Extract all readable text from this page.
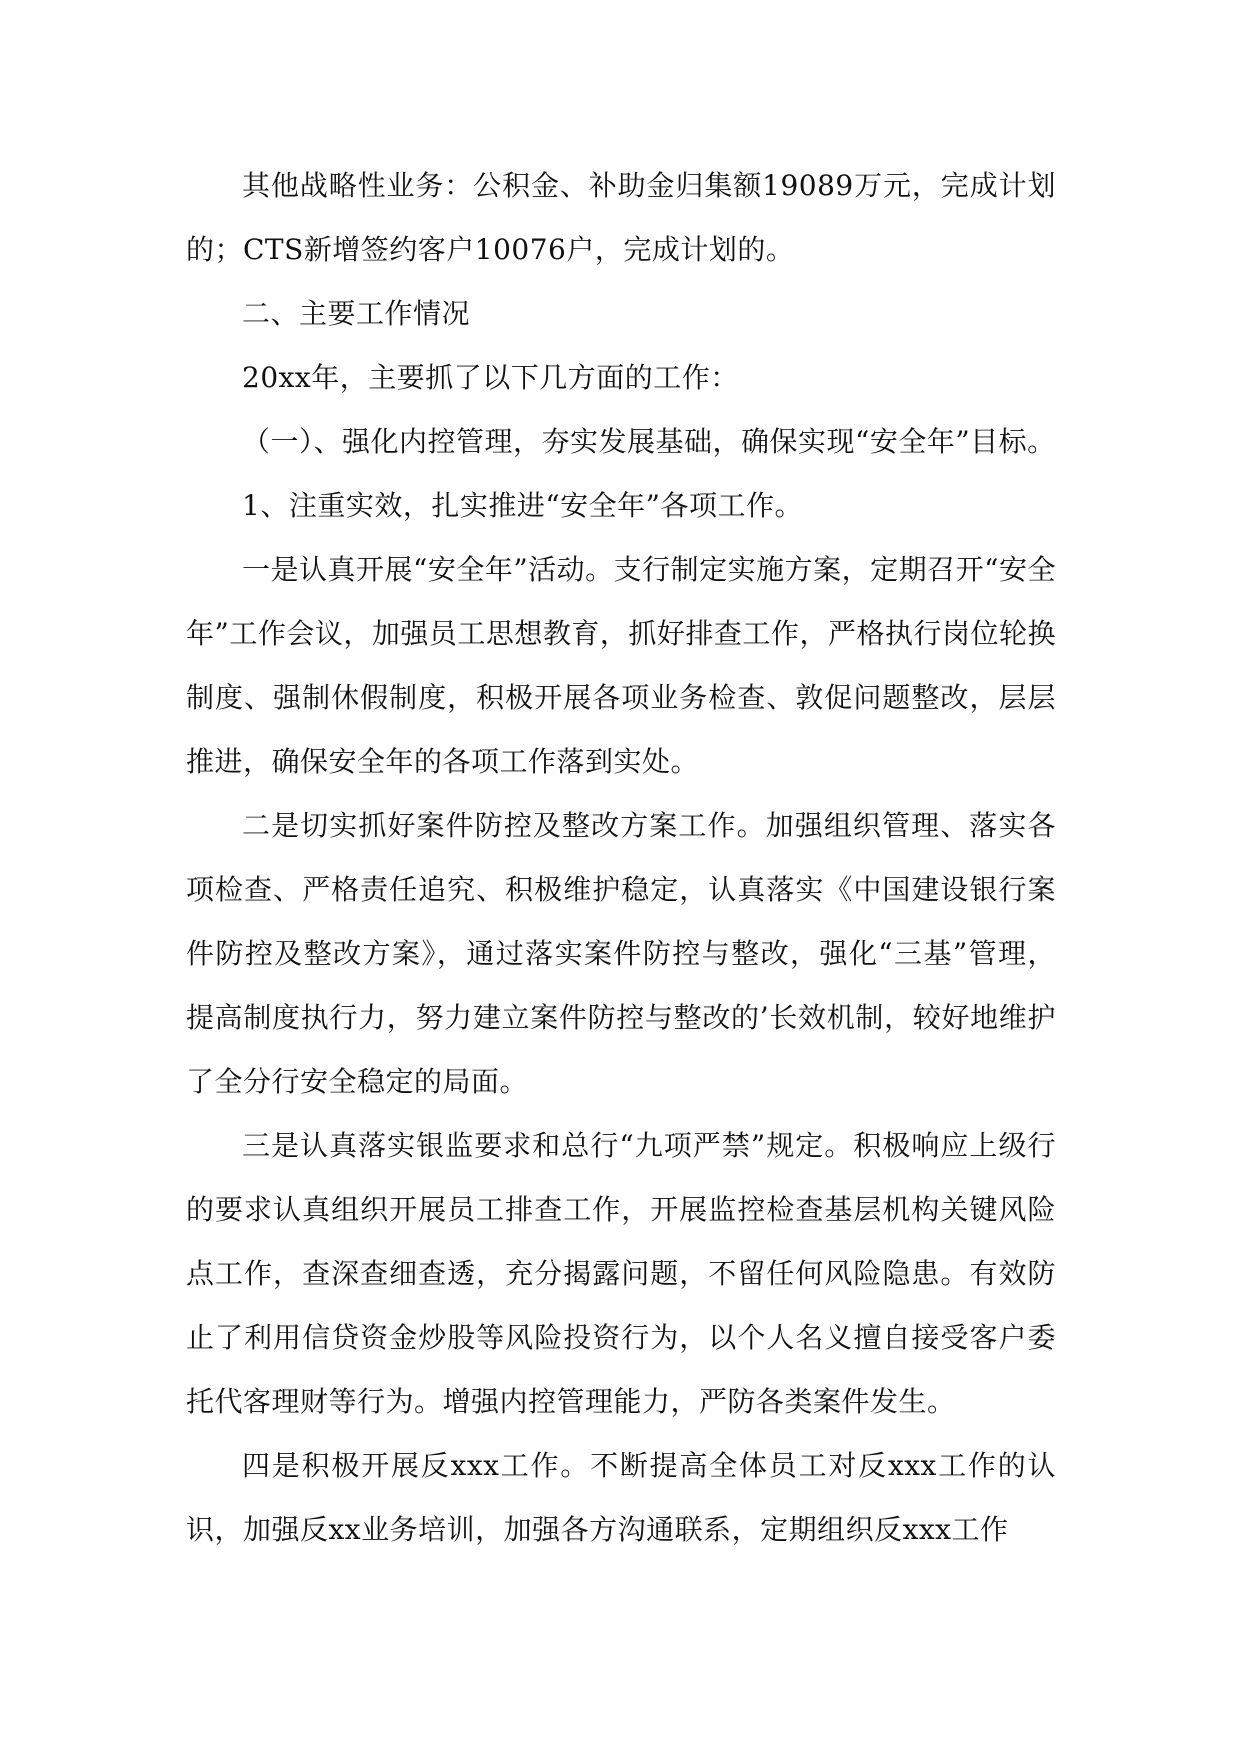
其他战略性业务：公积金、补助金归集额19089万元，完成计划的；CTS新增签约客户10076户，完成计划的。

二、主要工作情况

20xx年，主要抓了以下几方面的工作：

（一）、强化内控管理，夯实发展基础，确保实现“安全年”目标。

1、注重实效，扎实推进“安全年”各项工作。

一是认真开展“安全年”活动。支行制定实施方案，定期召开“安全年”工作会议，加强员工思想教育，抓好排查工作，严格执行岗位轮换制度、强制休假制度，积极开展各项业务检查、敦促问题整改，层层推进，确保安全年的各项工作落到实处。

二是切实抓好案件防控及整改方案工作。加强组织管理、落实各项检查、严格责任追究、积极维护稳定，认真落实《中国建设银行案件防控及整改方案》，通过落实案件防控与整改，强化“三基”管理，提高制度执行力，努力建立案件防控与整改的’长效机制，较好地维护了全分行安全稳定的局面。

三是认真落实银监要求和总行“九项严禁”规定。积极响应上级行的要求认真组织开展员工排查工作，开展监控检查基层机构关键风险点工作，查深查细查透，充分揭露问题，不留任何风险隐患。有效防止了利用信贷资金炒股等风险投资行为，以个人名义擅自接受客户委托代客理财等行为。增强内控管理能力，严防各类案件发生。

四是积极开展反xxx工作。不断提高全体员工对反xxx工作的认识，加强反xx业务培训，加强各方沟通联系，定期组织反xxx工作
